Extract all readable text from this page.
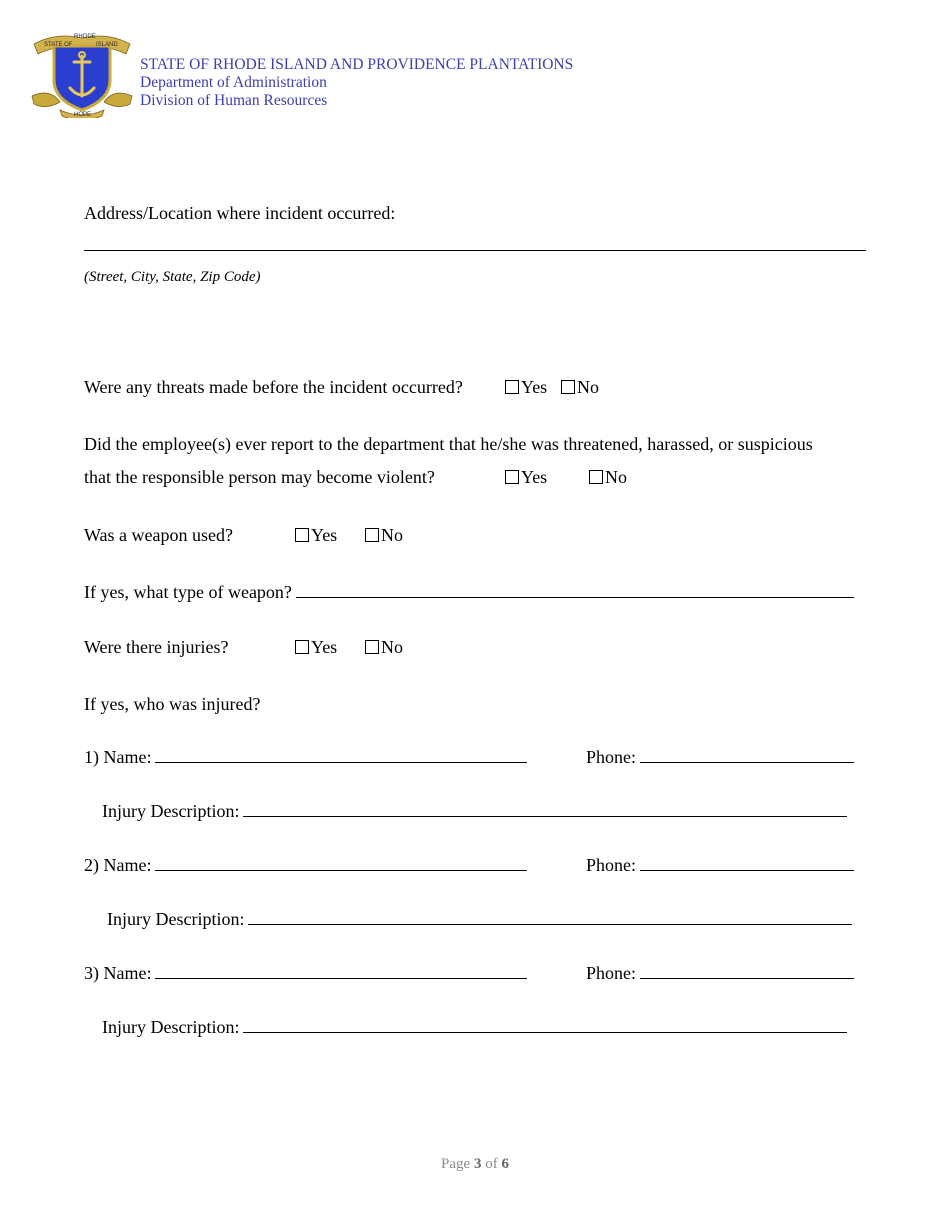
STATE OF
RHODE
ISLAND
HOPE
STATE OF RHODE ISLAND AND PROVIDENCE PLANTATIONS
Department of Administration
Division of Human Resources
Address/Location where incident occurred:
(Street, City, State, Zip Code)
Were any threats made before the incident occurred?	Yes No
Did the employee(s) ever report to the department that he/she was threatened, harassed, or suspicious
that the responsible person may become violent?	Yes	No
Was a weapon used?	Yes No
If yes, what type of weapon?
Were there injuries?	Yes No
If yes, who was injured?
1) Name:	Phone:
Injury Description:
2) Name:	Phone:
Injury Description:
3) Name:	Phone:
Injury Description:
Page 3 of 6
